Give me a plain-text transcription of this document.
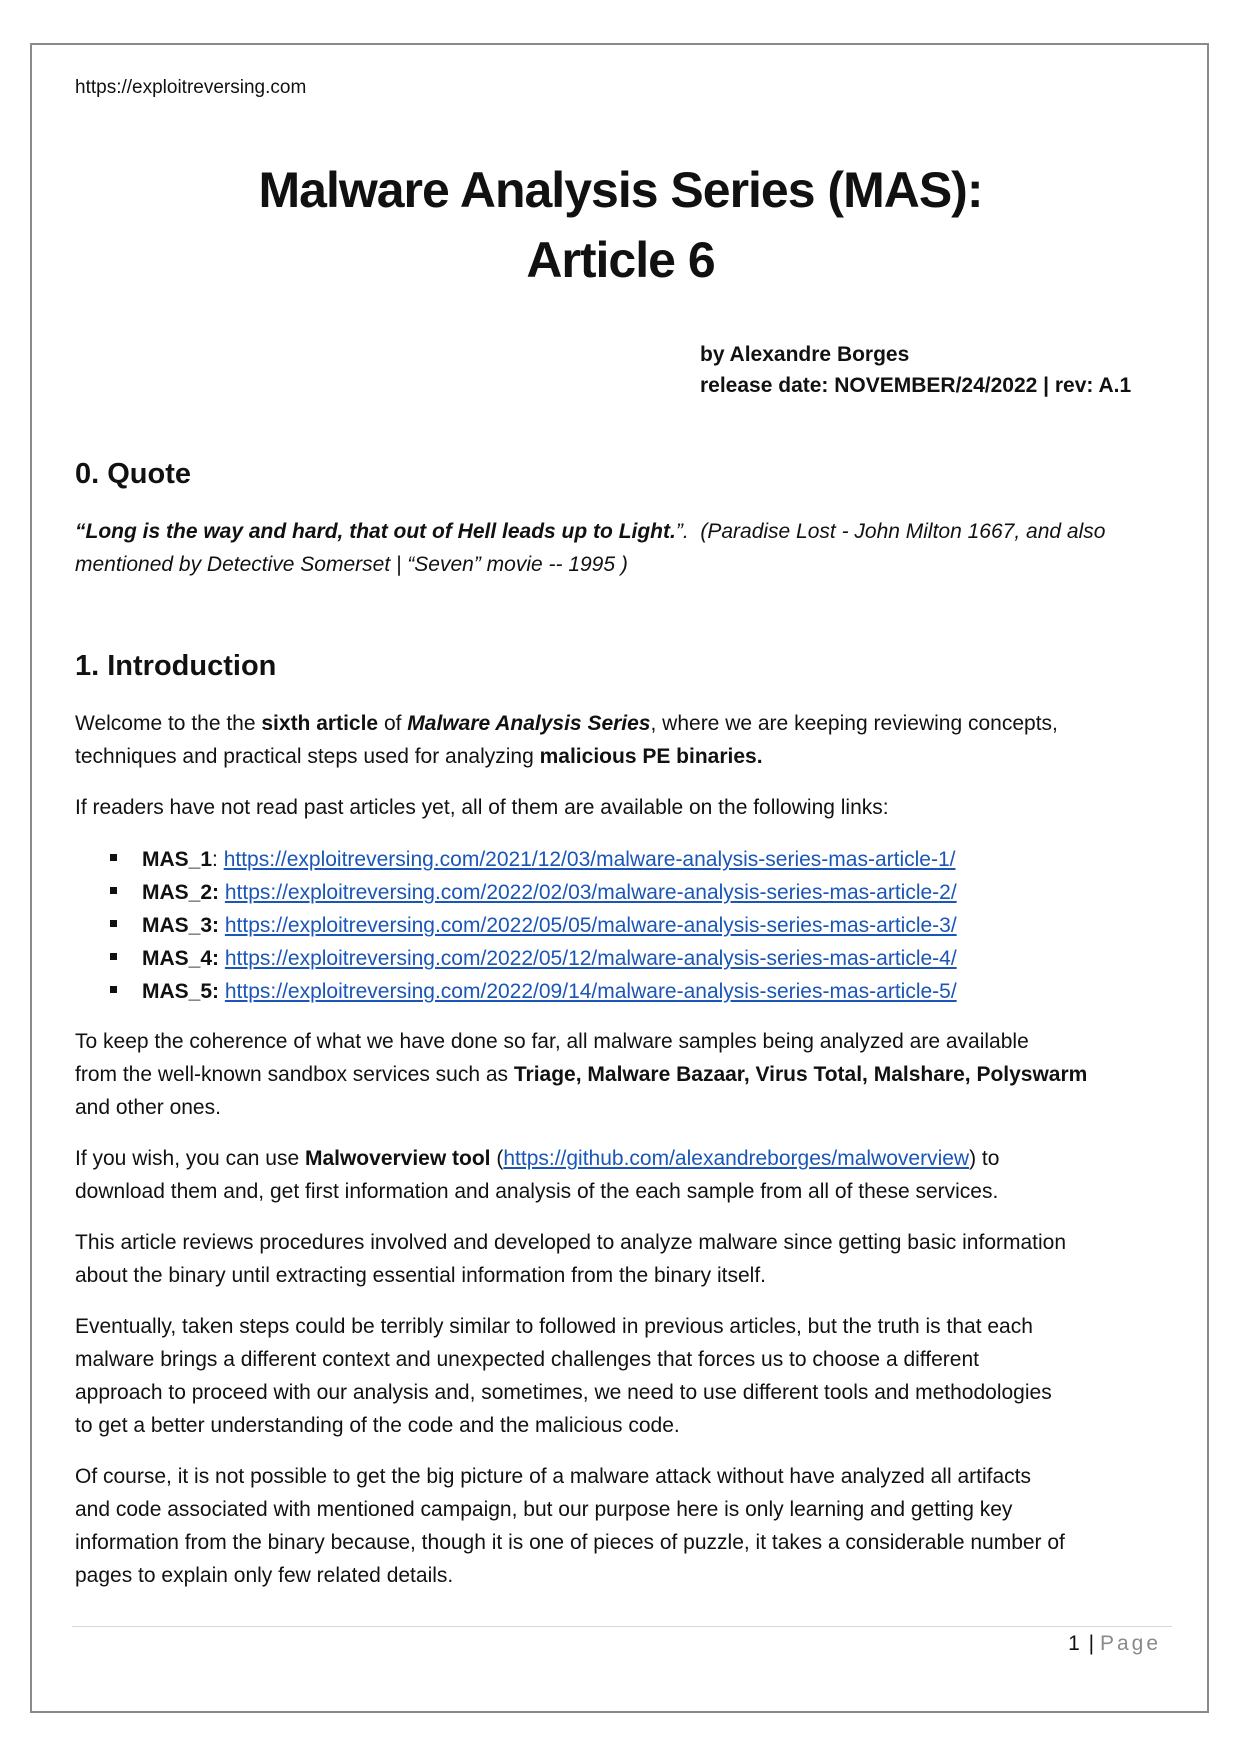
https://exploitreversing.com
Malware Analysis Series (MAS):
Article 6
by Alexandre Borges
release date: NOVEMBER/24/2022 | rev: A.1
0. Quote
“Long is the way and hard, that out of Hell leads up to Light.”.  (Paradise Lost - John Milton 1667, and also
mentioned by Detective Somerset | “Seven” movie -- 1995 )
1. Introduction
Welcome to the the sixth article of Malware Analysis Series, where we are keeping reviewing concepts,
techniques and practical steps used for analyzing malicious PE binaries.
If readers have not read past articles yet, all of them are available on the following links:
MAS_1: https://exploitreversing.com/2021/12/03/malware-analysis-series-mas-article-1/
MAS_2: https://exploitreversing.com/2022/02/03/malware-analysis-series-mas-article-2/
MAS_3: https://exploitreversing.com/2022/05/05/malware-analysis-series-mas-article-3/
MAS_4: https://exploitreversing.com/2022/05/12/malware-analysis-series-mas-article-4/
MAS_5: https://exploitreversing.com/2022/09/14/malware-analysis-series-mas-article-5/
To keep the coherence of what we have done so far, all malware samples being analyzed are available
from the well-known sandbox services such as Triage, Malware Bazaar, Virus Total, Malshare, Polyswarm
and other ones.
If you wish, you can use Malwoverview tool (https://github.com/alexandreborges/malwoverview) to
download them and, get first information and analysis of the each sample from all of these services.
This article reviews procedures involved and developed to analyze malware since getting basic information
about the binary until extracting essential information from the binary itself.
Eventually, taken steps could be terribly similar to followed in previous articles, but the truth is that each
malware brings a different context and unexpected challenges that forces us to choose a different
approach to proceed with our analysis and, sometimes, we need to use different tools and methodologies
to get a better understanding of the code and the malicious code.
Of course, it is not possible to get the big picture of a malware attack without have analyzed all artifacts
and code associated with mentioned campaign, but our purpose here is only learning and getting key
information from the binary because, though it is one of pieces of puzzle, it takes a considerable number of
pages to explain only few related details.
1 | Page
